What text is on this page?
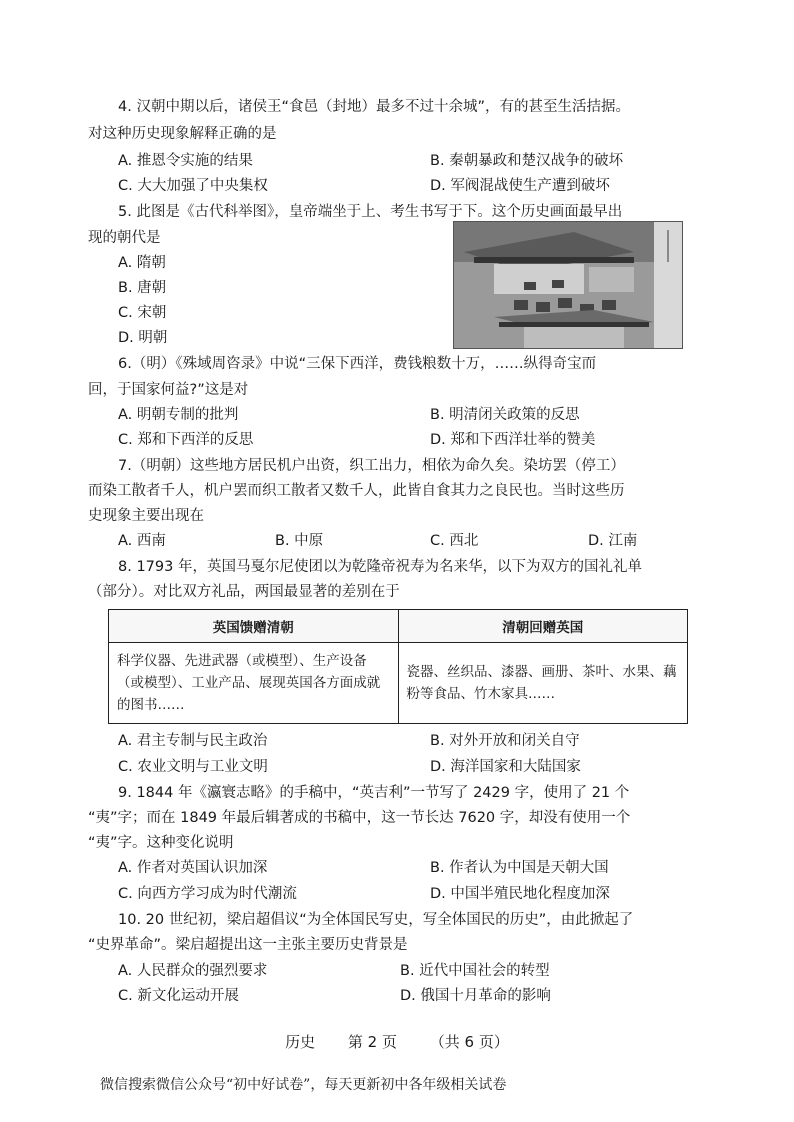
4. 汉朝中期以后，诸侯王“食邑（封地）最多不过十余城”，有的甚至生活拮据。
对这种历史现象解释正确的是
A. 推恩令实施的结果	B. 秦朝暴政和楚汉战争的破坏
C. 大大加强了中央集权	D. 军阀混战使生产遭到破坏
5. 此图是《古代科举图》，皇帝端坐于上、考生书写于下。这个历史画面最早出
现的朝代是
A. 隋朝
B. 唐朝
C. 宋朝
D. 明朝
6.（明）《殊域周咨录》中说“三保下西洋，费钱粮数十万，……纵得奇宝而
回，于国家何益?”这是对
A. 明朝专制的批判	B. 明清闭关政策的反思
C. 郑和下西洋的反思	D. 郑和下西洋壮举的赞美
7.（明朝）这些地方居民机户出资，织工出力，相依为命久矣。染坊罢（停工）
而染工散者千人，机户罢而织工散者又数千人，此皆自食其力之良民也。当时这些历
史现象主要出现在
A. 西南	B. 中原	C. 西北	D. 江南
8. 1793 年，英国马戛尔尼使团以为乾隆帝祝寿为名来华，以下为双方的国礼礼单
（部分）。对比双方礼品，两国最显著的差别在于
英国馈赠清朝	清朝回赠英国
科学仪器、先进武器（或模型）、生产设备（或模型）、工业产品、展现英国各方面成就的图书……	瓷器、丝织品、漆器、画册、茶叶、水果、藕粉等食品、竹木家具……
A. 君主专制与民主政治	B. 对外开放和闭关自守
C. 农业文明与工业文明	D. 海洋国家和大陆国家
9. 1844 年《瀛寰志略》的手稿中，“英吉利”一节写了 2429 字，使用了 21 个
“夷”字；而在 1849 年最后辑著成的书稿中，这一节长达 7620 字，却没有使用一个
“夷”字。这种变化说明
A. 作者对英国认识加深	B. 作者认为中国是天朝大国
C. 向西方学习成为时代潮流	D. 中国半殖民地化程度加深
10. 20 世纪初，梁启超倡议“为全体国民写史，写全体国民的历史”，由此掀起了
“史界革命”。梁启超提出这一主张主要历史背景是
A. 人民群众的强烈要求	B. 近代中国社会的转型
C. 新文化运动开展	D. 俄国十月革命的影响
历史 第 2 页 （共 6 页）
微信搜索微信公众号“初中好试卷”，每天更新初中各年级相关试卷
